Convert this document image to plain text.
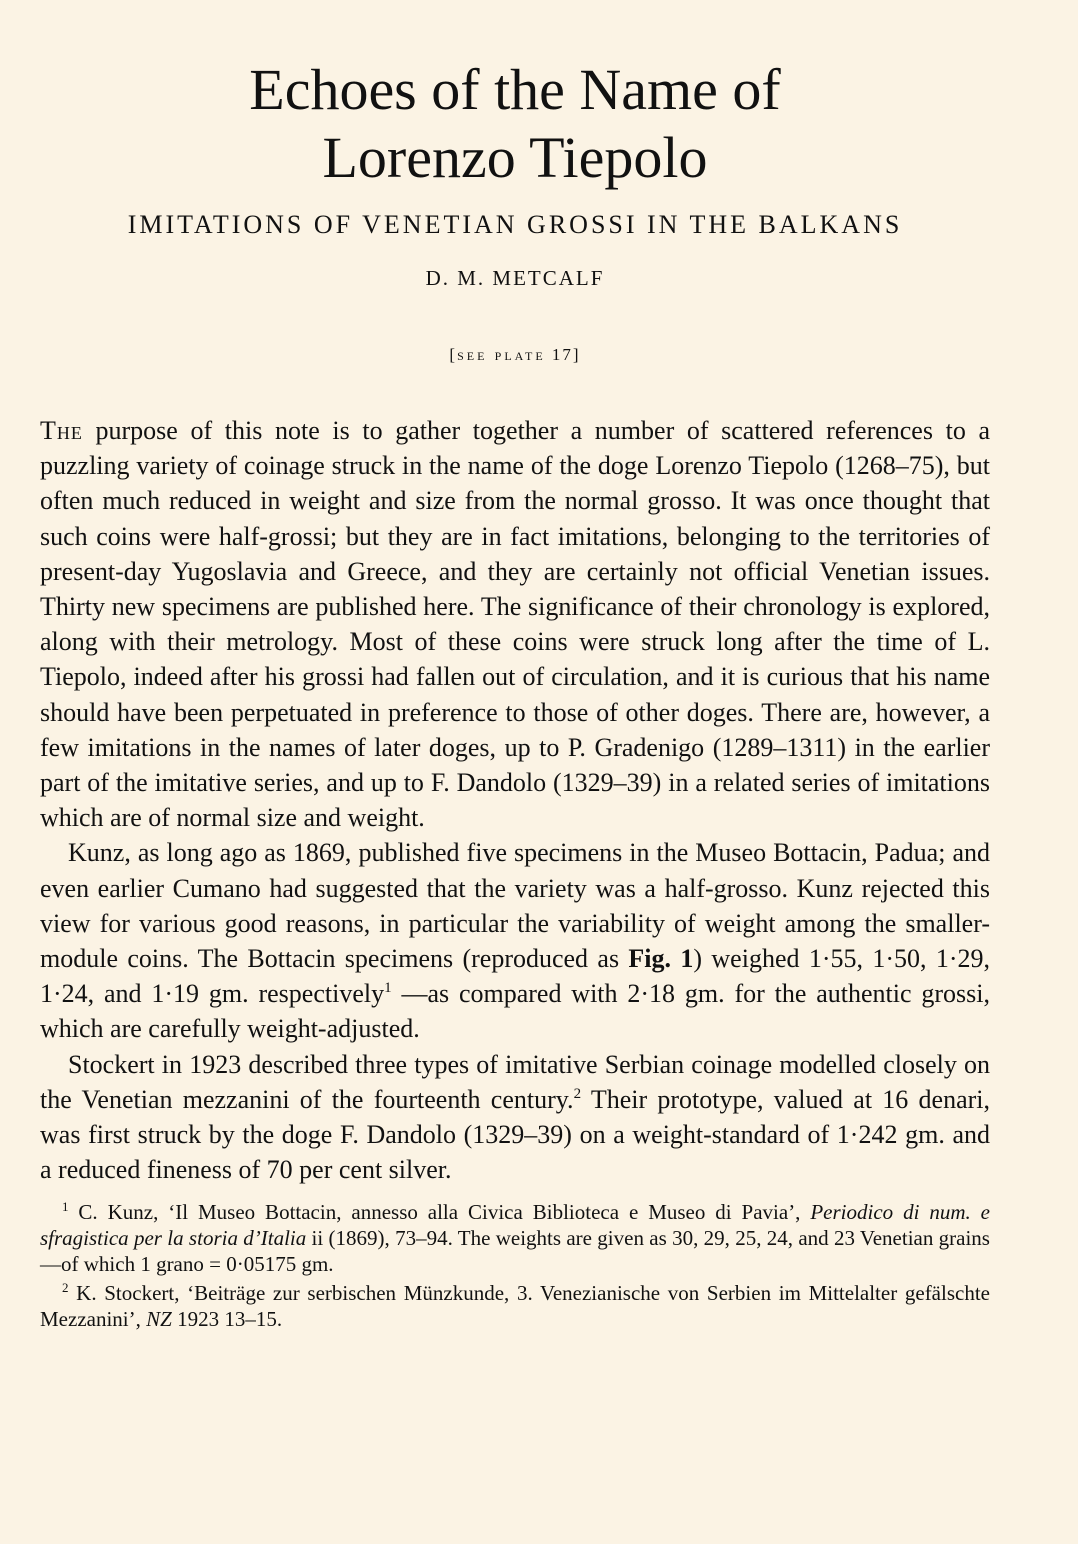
Echoes of the Name of
Lorenzo Tiepolo
IMITATIONS OF VENETIAN GROSSI IN THE BALKANS
D. M. METCALF
[see plate 17]

The purpose of this note is to gather together a number of scattered references to a puzzling variety of coinage struck in the name of the doge Lorenzo Tiepolo (1268–75), but often much reduced in weight and size from the normal grosso. It was once thought that such coins were half-grossi; but they are in fact imitations, belonging to the territories of present-day Yugoslavia and Greece, and they are certainly not official Venetian issues. Thirty new specimens are published here. The significance of their chronology is explored, along with their metrology. Most of these coins were struck long after the time of L. Tiepolo, indeed after his grossi had fallen out of circulation, and it is curious that his name should have been perpetuated in preference to those of other doges. There are, however, a few imitations in the names of later doges, up to P. Gradenigo (1289–1311) in the earlier part of the imitative series, and up to F. Dandolo (1329–39) in a related series of imitations which are of normal size and weight.

Kunz, as long ago as 1869, published five specimens in the Museo Bottacin, Padua; and even earlier Cumano had suggested that the variety was a half-grosso. Kunz rejected this view for various good reasons, in particular the variability of weight among the smaller-module coins. The Bottacin specimens (reproduced as Fig. 1) weighed 1·55, 1·50, 1·29, 1·24, and 1·19 gm. respectively$^1$ —as compared with 2·18 gm. for the authentic grossi, which are carefully weight-adjusted.

Stockert in 1923 described three types of imitative Serbian coinage modelled closely on the Venetian mezzanini of the fourteenth century.$^2$ Their prototype, valued at 16 denari, was first struck by the doge F. Dandolo (1329–39) on a weight-standard of 1·242 gm. and a reduced fineness of 70 per cent silver.

$^1$ C. Kunz, ‘Il Museo Bottacin, annesso alla Civica Biblioteca e Museo di Pavia’, Periodico di num. e sfragistica per la storia d’Italia ii (1869), 73–94. The weights are given as 30, 29, 25, 24, and 23 Venetian grains—of which 1 grano = 0·05175 gm.

$^2$ K. Stockert, ‘Beiträge zur serbischen Münzkunde, 3. Venezianische von Serbien im Mittelalter gefälschte Mezzanini’, NZ 1923 13–15.
